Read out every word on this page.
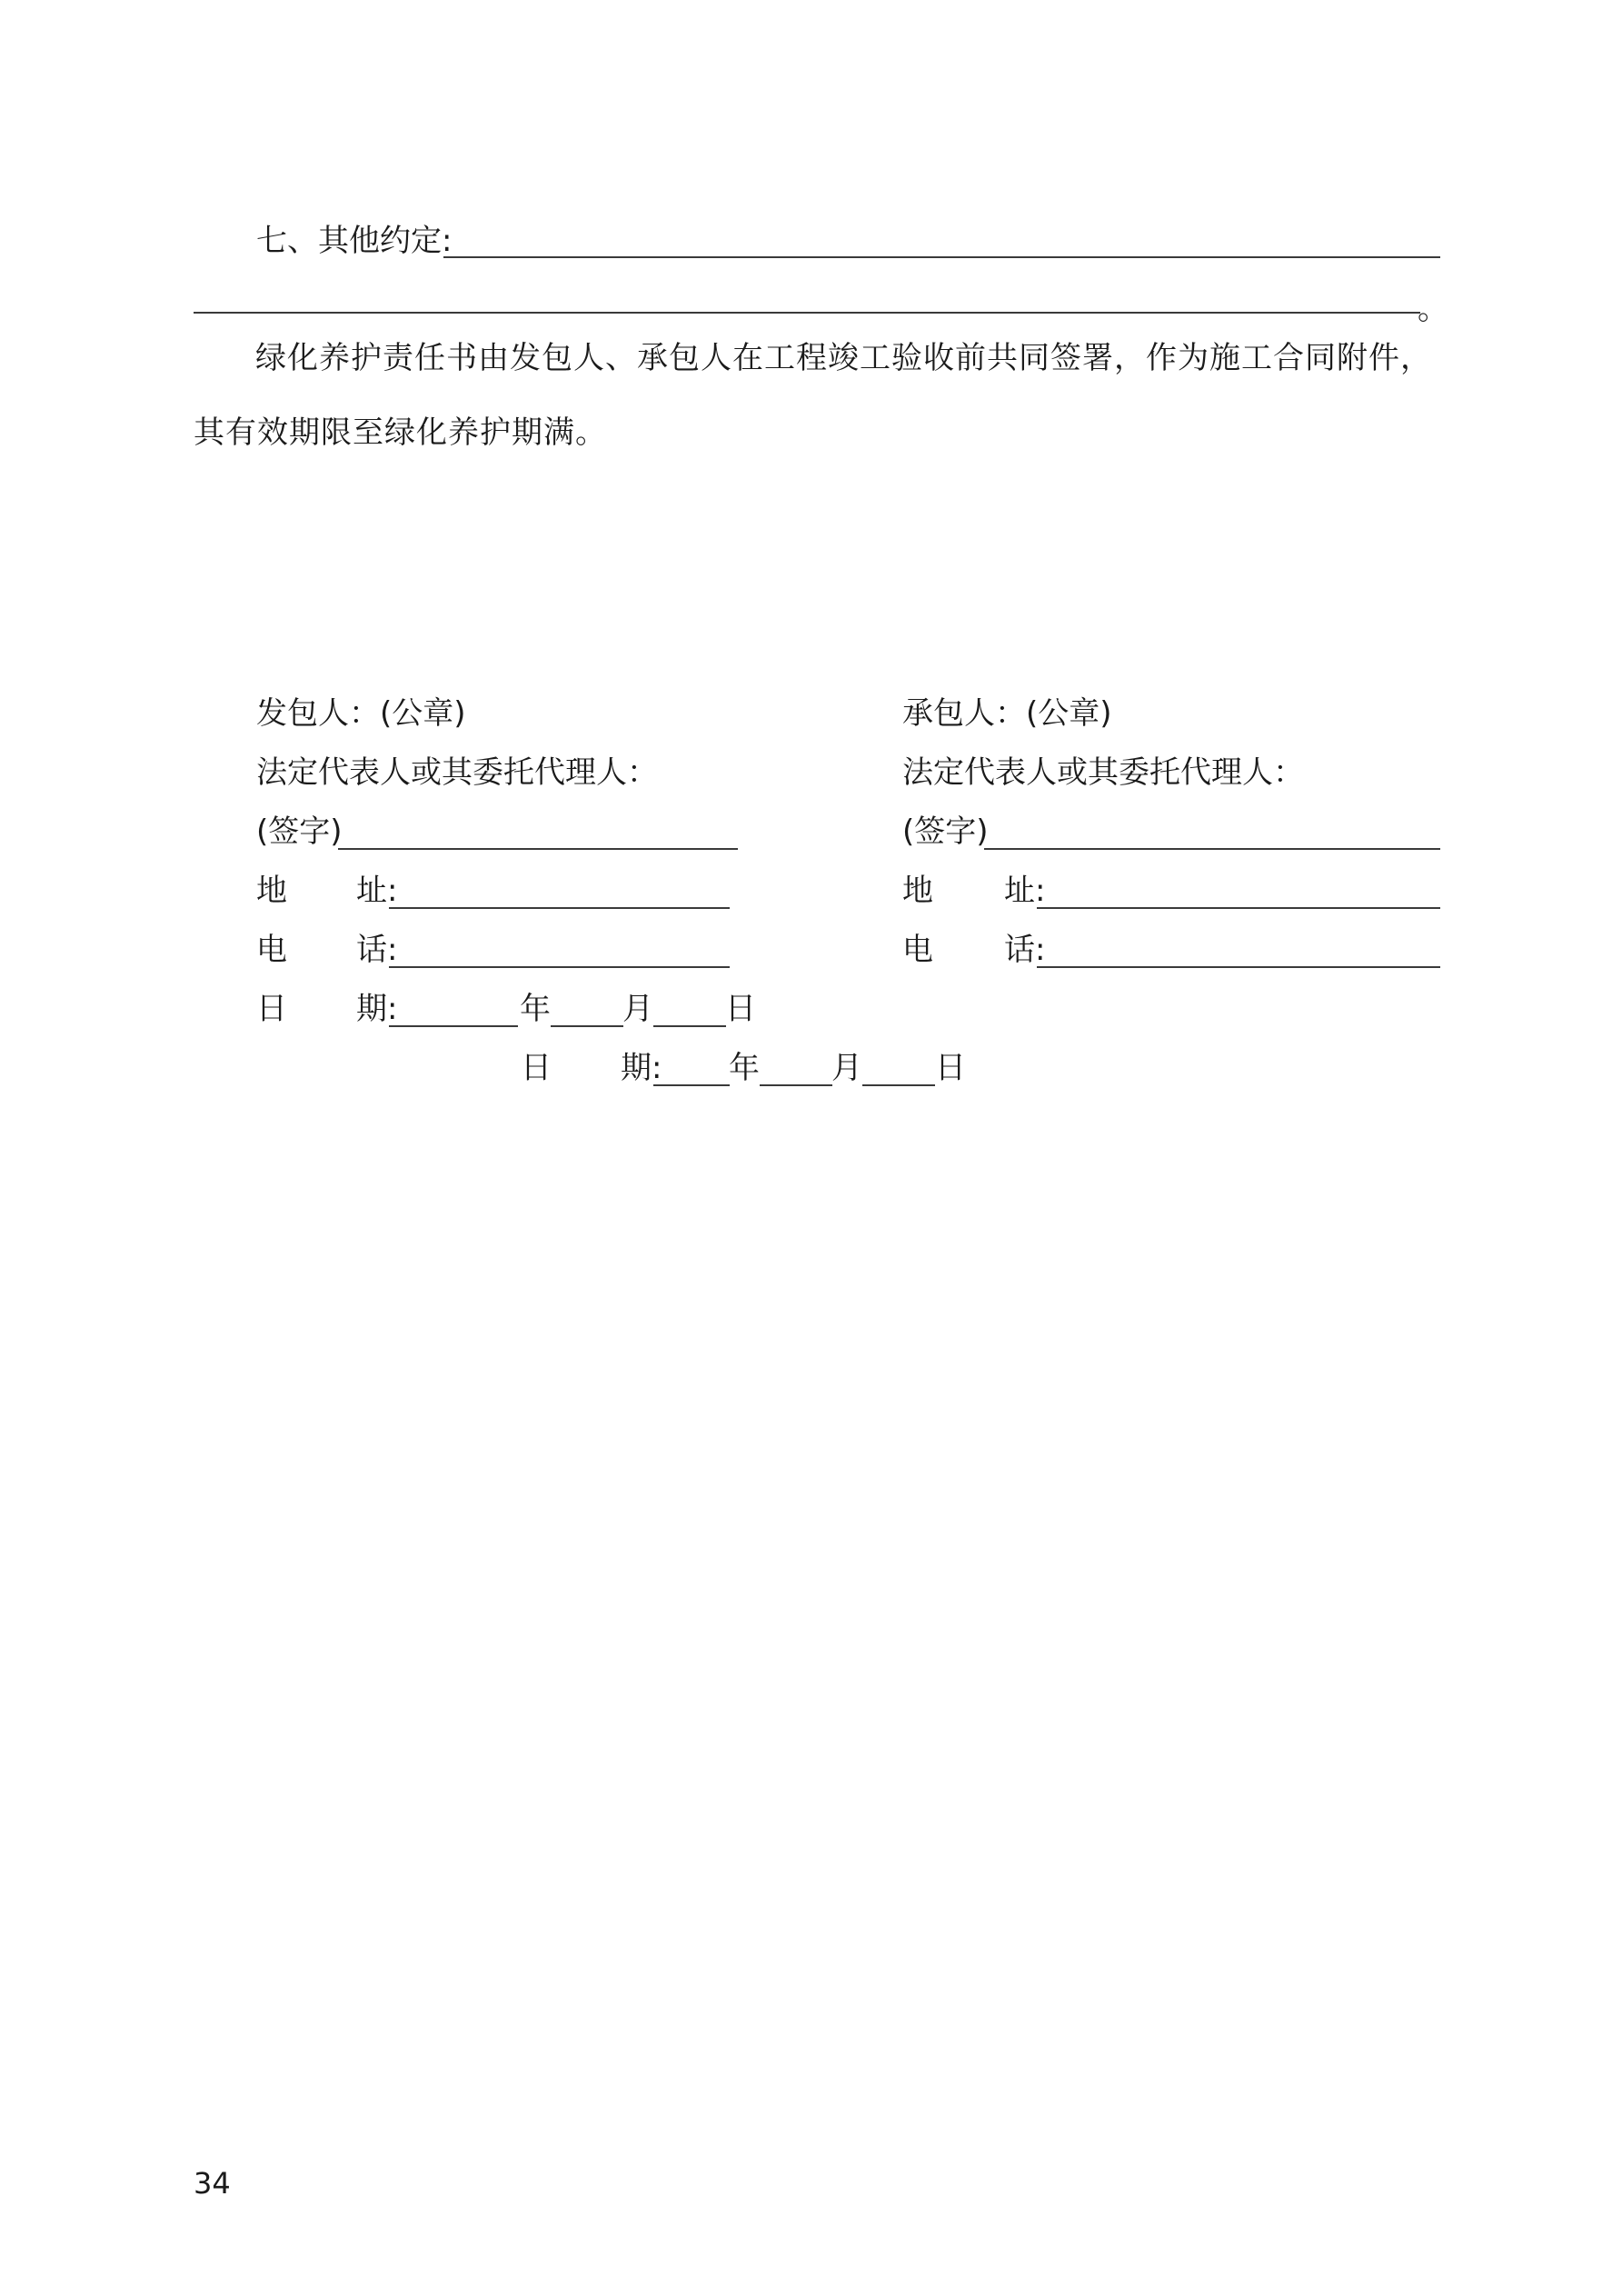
七、其他约定:
。
绿化养护责任书由发包人、承包人在工程竣工验收前共同签署，作为施工合同附件，其有效期限至绿化养护期满。
发包人：(公章)
法定代表人或其委托代理人：
(签字)
地 址:
电 话:
日 期:	年 月 日
承包人：(公章)
法定代表人或其委托代理人：
(签字)
地 址:
电 话:
日 期: 年 月 日
34
